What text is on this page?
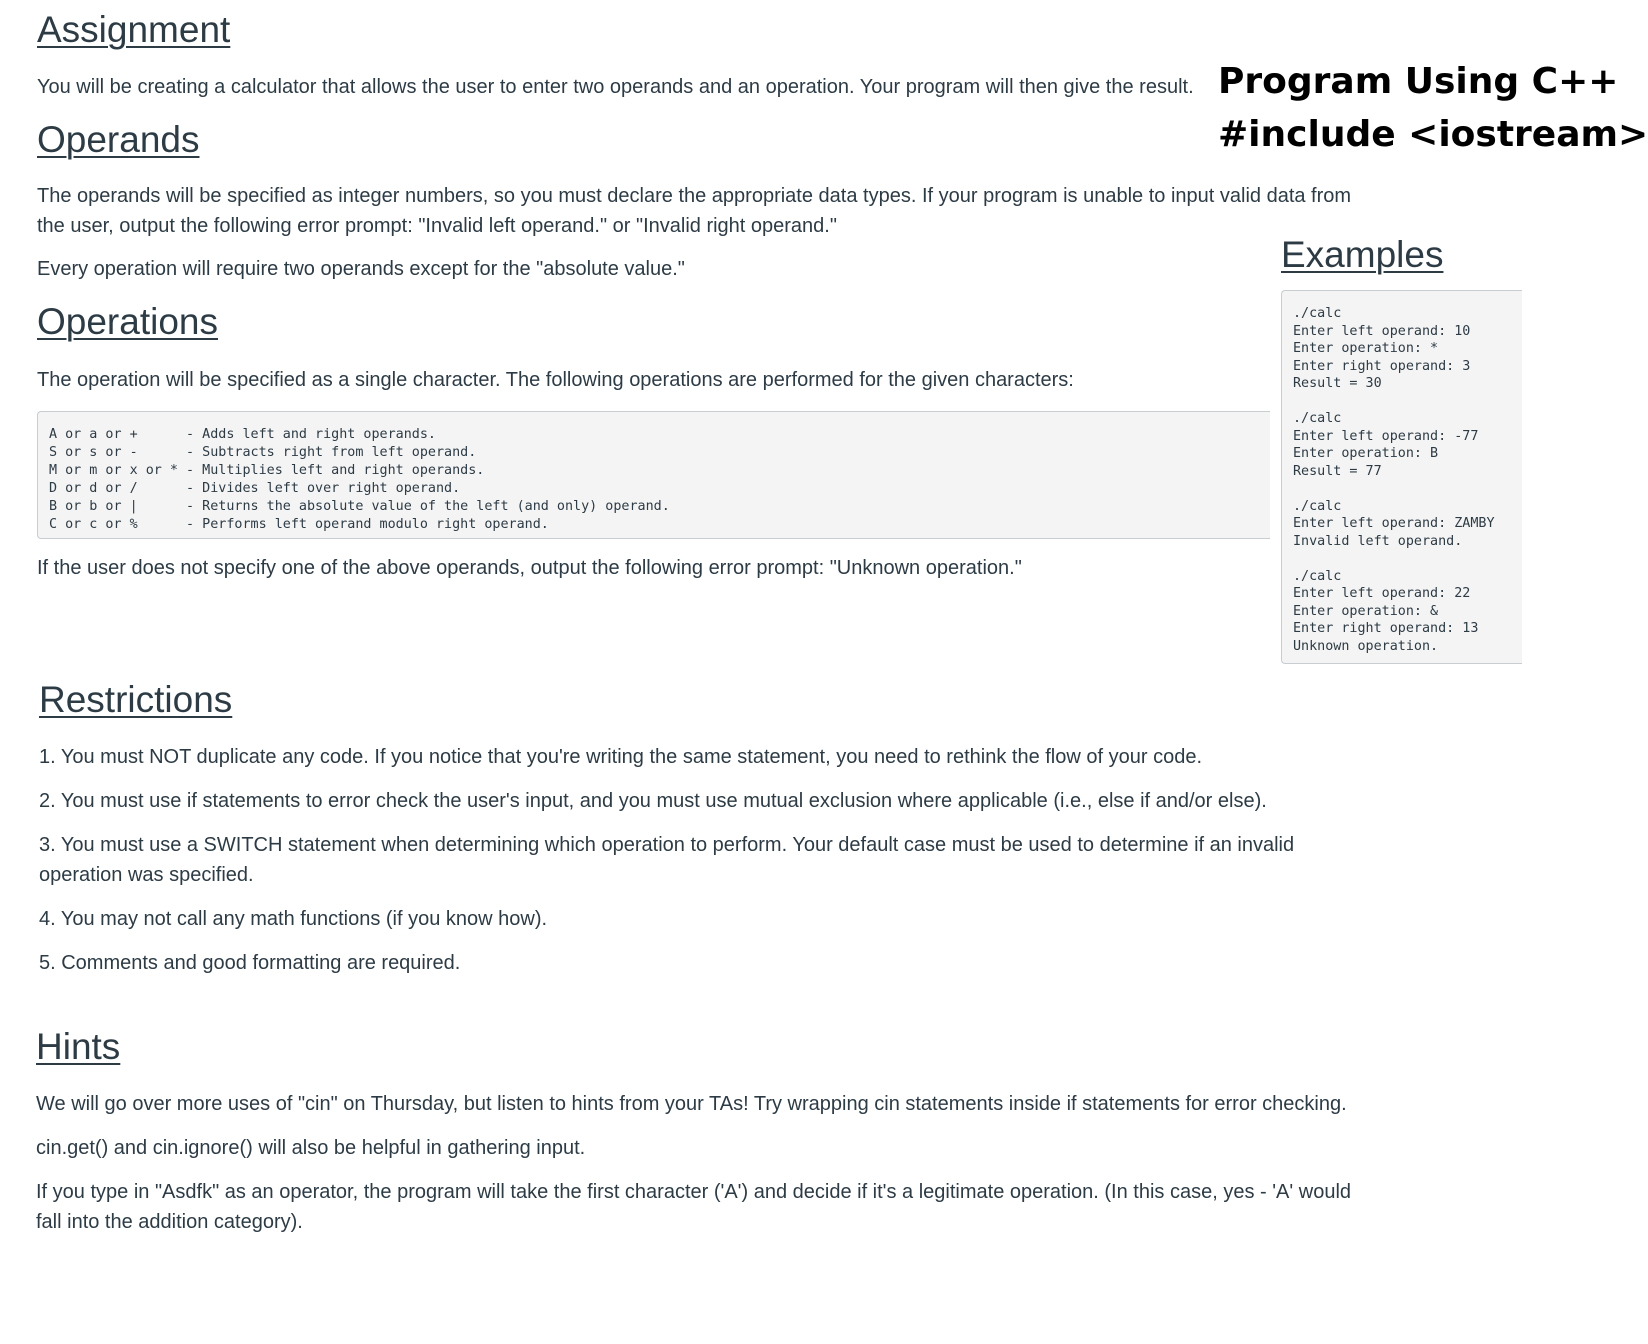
Assignment

You will be creating a calculator that allows the user to enter two operands and an operation. Your program will then give the result. Program Using C++
#include <iostream>
Operands

The operands will be specified as integer numbers, so you must declare the appropriate data types. If your program is unable to input valid data from the user, output the following error prompt: "Invalid left operand." or "Invalid right operand."

Every operation will require two operands except for the "absolute value."	Examples
./calc
Enter left operand: 10
Enter operation: *
Enter right operand: 3
Result = 30

./calc
Enter left operand: -77
Enter operation: B
Result = 77

./calc
Enter left operand: ZAMBY
Invalid left operand.

./calc
Enter left operand: 22
Enter operation: &
Enter right operand: 13
Unknown operation.
Operations

The operation will be specified as a single character. The following operations are performed for the given characters:

A or a or +      - Adds left and right operands.
S or s or -      - Subtracts right from left operand.
M or m or x or * - Multiplies left and right operands.
D or d or /      - Divides left over right operand.
B or b or |      - Returns the absolute value of the left (and only) operand.
C or c or %      - Performs left operand modulo right operand.

If the user does not specify one of the above operands, output the following error prompt: "Unknown operation."

Restrictions
1. You must NOT duplicate any code. If you notice that you're writing the same statement, you need to rethink the flow of your code.
2. You must use if statements to error check the user's input, and you must use mutual exclusion where applicable (i.e., else if and/or else).
3. You must use a SWITCH statement when determining which operation to perform. Your default case must be used to determine if an invalid operation was specified.
4. You may not call any math functions (if you know how).
5. Comments and good formatting are required.
Hints

We will go over more uses of "cin" on Thursday, but listen to hints from your TAs! Try wrapping cin statements inside if statements for error checking.

cin.get() and cin.ignore() will also be helpful in gathering input.

If you type in "Asdfk" as an operator, the program will take the first character ('A') and decide if it's a legitimate operation. (In this case, yes - 'A' would fall into the addition category).
